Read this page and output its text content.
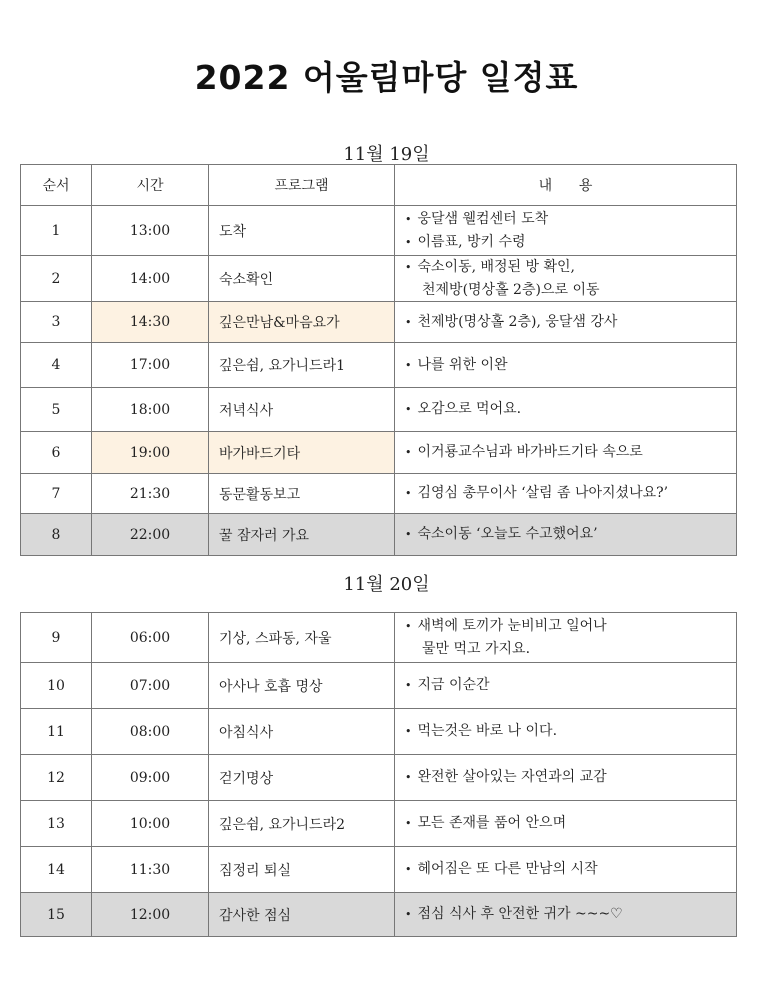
2022 어울림마당 일정표
11월 19일
순서	시간	프로그램	내      용
1	13:00	도착	• 웅달샘 웰컴센터 도착
• 이름표, 방키 수령

2	14:00	숙소확인	• 숙소이동, 배정된 방 확인,
천제방(명상홀 2층)으로 이동

3	14:30	깊은만남&마음요가	• 천제방(명상홀 2층), 웅달샘 강사

4	17:00	깊은쉼, 요가니드라1	• 나를 위한 이완

5	18:00	저녁식사	• 오감으로 먹어요.

6	19:00	바가바드기타	• 이거룡교수님과 바가바드기타 속으로

7	21:30	동문활동보고	• 김영심 총무이사 ‘살림 좀 나아지셨나요?’

8	22:00	꿀 잠자러 가요	• 숙소이동 ‘오늘도 수고했어요’
11월 20일
9	06:00	기상, 스파동, 자울	• 새벽에 토끼가 눈비비고 일어나
물만 먹고 가지요.

10	07:00	아사나 호흡 명상	• 지금 이순간

11	08:00	아침식사	• 먹는것은 바로 나 이다.

12	09:00	걷기명상	• 완전한 살아있는 자연과의 교감

13	10:00	깊은쉼, 요가니드라2	• 모든 존재를 품어 안으며

14	11:30	짐정리 퇴실	• 헤어짐은 또 다른 만남의 시작

15	12:00	감사한 점심	• 점심 식사 후 안전한 귀가 ~~~♡
